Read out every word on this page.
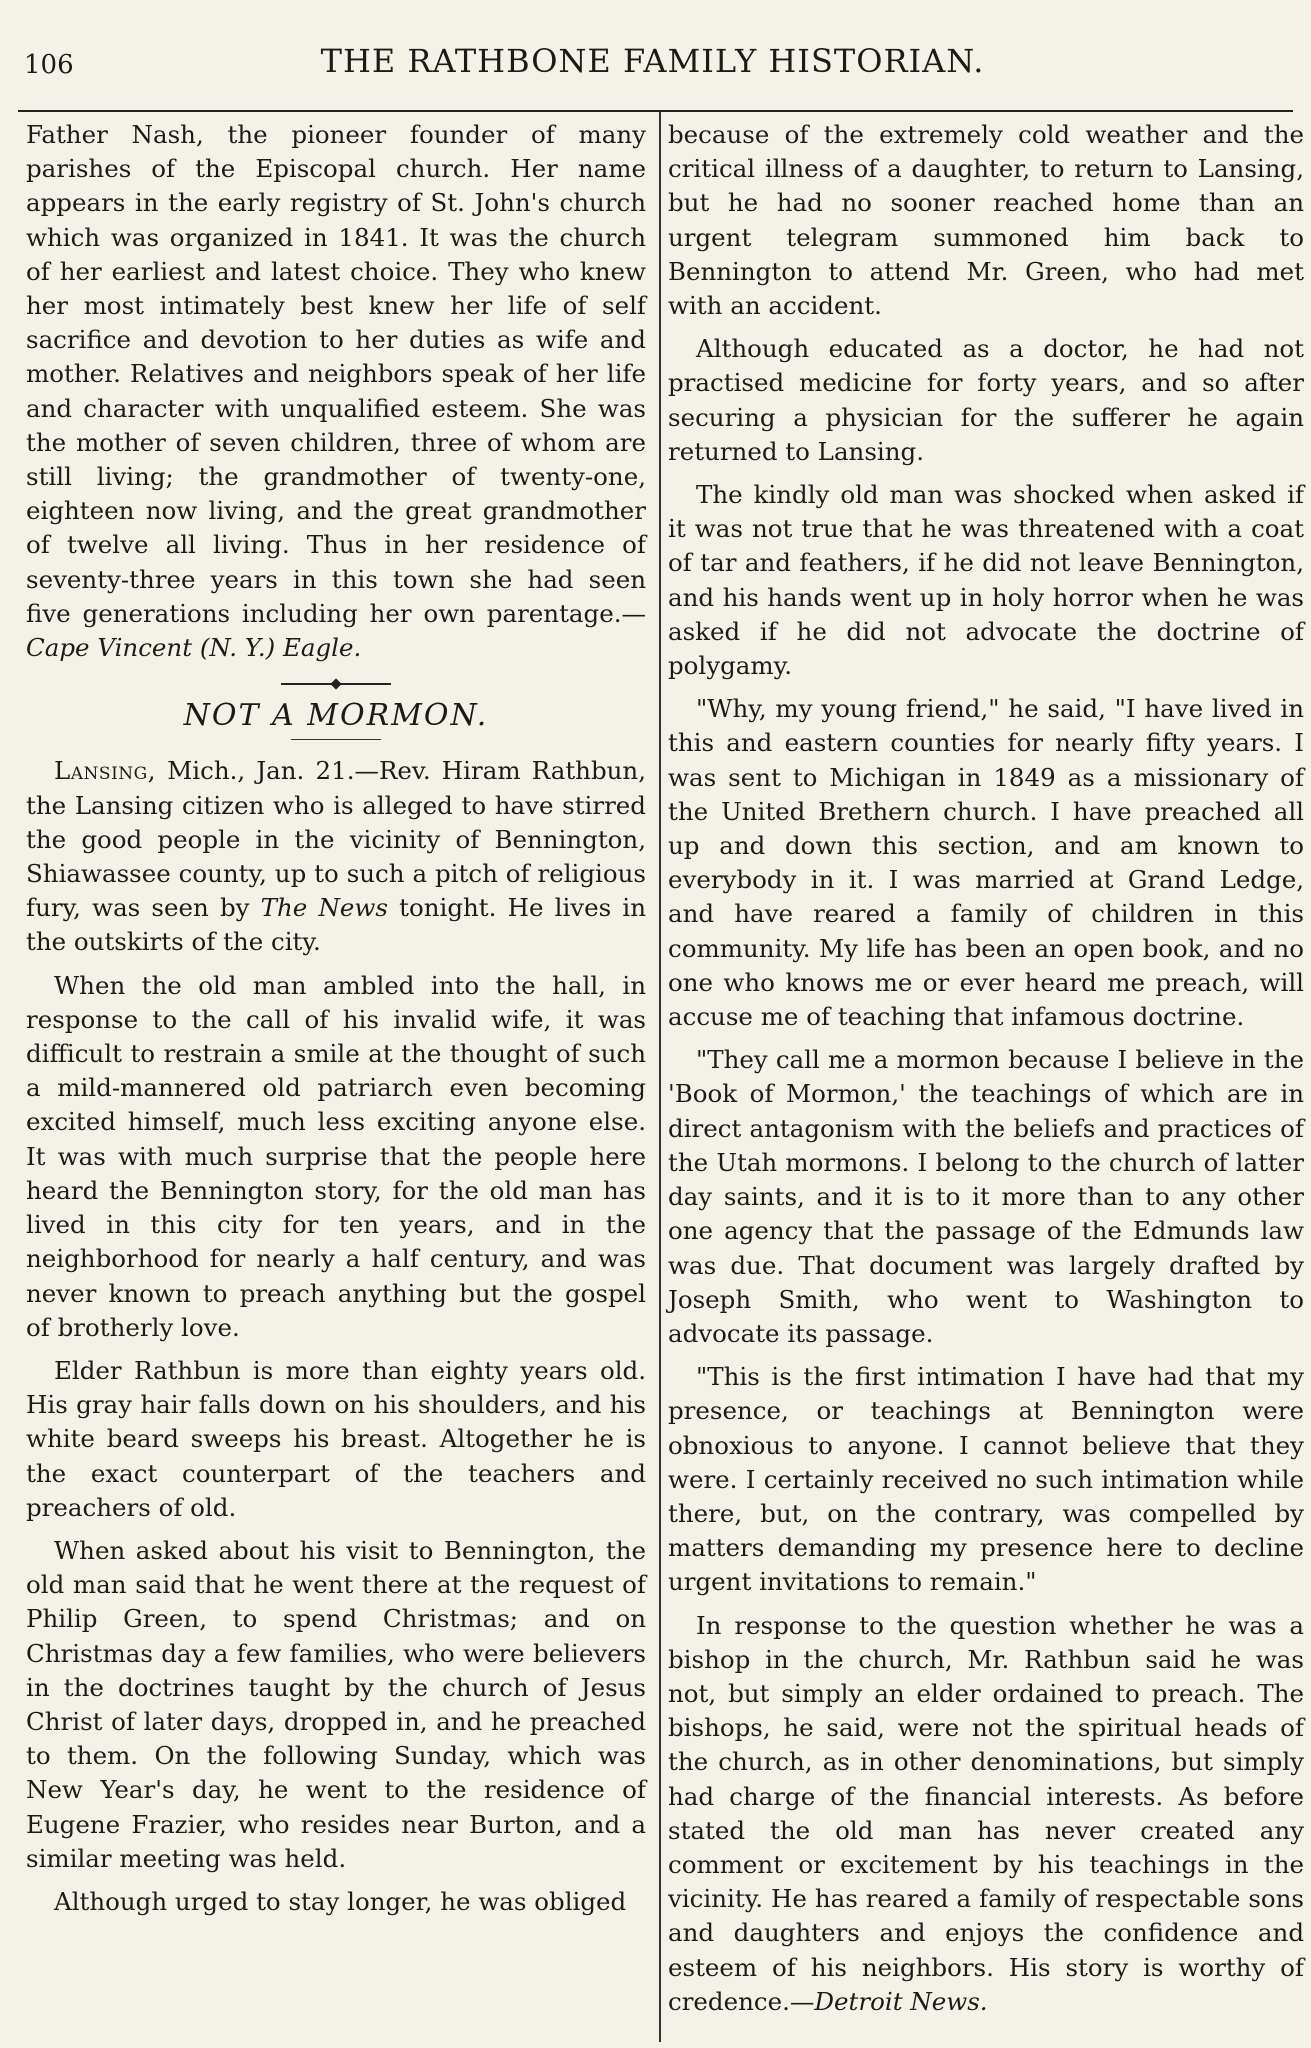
106	THE RATHBONE FAMILY HISTORIAN.

Father Nash, the pioneer founder of many parishes of the Episcopal church. Her name appears in the early registry of St. John's church which was organized in 1841. It was the church of her earliest and latest choice. They who knew her most intimately best knew her life of self sacrifice and devotion to her duties as wife and mother. Relatives and neighbors speak of her life and character with unqualified esteem. She was the mother of seven children, three of whom are still living; the grandmother of twenty-one, eighteen now living, and the great grandmother of twelve all living. Thus in her residence of seventy-three years in this town she had seen five generations including her own parentage.—Cape Vincent (N. Y.) Eagle.

NOT A MORMON.

Lansing, Mich., Jan. 21.—Rev. Hiram Rathbun, the Lansing citizen who is alleged to have stirred the good people in the vicinity of Bennington, Shiawassee county, up to such a pitch of religious fury, was seen by The News tonight. He lives in the outskirts of the city.

When the old man ambled into the hall, in response to the call of his invalid wife, it was difficult to restrain a smile at the thought of such a mild-mannered old patriarch even becoming excited himself, much less exciting anyone else. It was with much surprise that the people here heard the Bennington story, for the old man has lived in this city for ten years, and in the neighborhood for nearly a half century, and was never known to preach anything but the gospel of brotherly love.

Elder Rathbun is more than eighty years old. His gray hair falls down on his shoulders, and his white beard sweeps his breast. Altogether he is the exact counterpart of the teachers and preachers of old.

When asked about his visit to Bennington, the old man said that he went there at the request of Philip Green, to spend Christmas; and on Christmas day a few families, who were believers in the doctrines taught by the church of Jesus Christ of later days, dropped in, and he preached to them. On the following Sunday, which was New Year's day, he went to the residence of Eugene Frazier, who resides near Burton, and a similar meeting was held.

Although urged to stay longer, he was obliged

because of the extremely cold weather and the critical illness of a daughter, to return to Lansing, but he had no sooner reached home than an urgent telegram summoned him back to Bennington to attend Mr. Green, who had met with an accident.

Although educated as a doctor, he had not practised medicine for forty years, and so after securing a physician for the sufferer he again returned to Lansing.

The kindly old man was shocked when asked if it was not true that he was threatened with a coat of tar and feathers, if he did not leave Bennington, and his hands went up in holy horror when he was asked if he did not advocate the doctrine of polygamy.

"Why, my young friend," he said, "I have lived in this and eastern counties for nearly fifty years. I was sent to Michigan in 1849 as a missionary of the United Brethern church. I have preached all up and down this section, and am known to everybody in it. I was married at Grand Ledge, and have reared a family of children in this community. My life has been an open book, and no one who knows me or ever heard me preach, will accuse me of teaching that infamous doctrine.

"They call me a mormon because I believe in the 'Book of Mormon,' the teachings of which are in direct antagonism with the beliefs and practices of the Utah mormons. I belong to the church of latter day saints, and it is to it more than to any other one agency that the passage of the Edmunds law was due. That document was largely drafted by Joseph Smith, who went to Washington to advocate its passage.

"This is the first intimation I have had that my presence, or teachings at Bennington were obnoxious to anyone. I cannot believe that they were. I certainly received no such intimation while there, but, on the contrary, was compelled by matters demanding my presence here to decline urgent invitations to remain."

In response to the question whether he was a bishop in the church, Mr. Rathbun said he was not, but simply an elder ordained to preach. The bishops, he said, were not the spiritual heads of the church, as in other denominations, but simply had charge of the financial interests. As before stated the old man has never created any comment or excitement by his teachings in the vicinity. He has reared a family of respectable sons and daughters and enjoys the confidence and esteem of his neighbors. His story is worthy of credence.—Detroit News.
